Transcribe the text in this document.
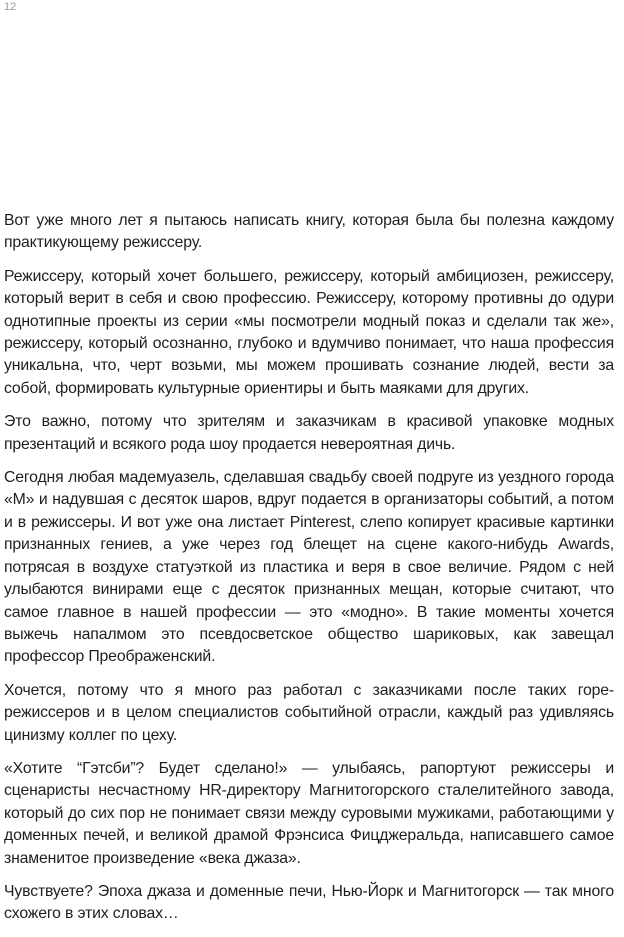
12

Вот уже много лет я пытаюсь написать книгу, которая была бы полезна каждому практикующему режиссеру.

Режиссеру, который хочет большего, режиссеру, который амбициозен, режиссеру, который верит в себя и свою профессию. Режиссеру, которому противны до одури однотипные проекты из серии «мы посмотрели модный показ и сделали так же», режиссеру, который осознанно, глубоко и вдумчиво понимает, что наша профессия уникальна, что, черт возьми, мы можем прошивать сознание людей, вести за собой, формировать культурные ориентиры и быть маяками для других.

Это важно, потому что зрителям и заказчикам в красивой упаковке модных презентаций и всякого рода шоу продается невероятная дичь.

Сегодня любая мадемуазель, сделавшая свадьбу своей подруге из уездного города «М» и надувшая с десяток шаров, вдруг подается в организаторы событий, а потом и в режиссеры. И вот уже она листает Pinterest, слепо копирует красивые картинки признанных гениев, а уже через год блещет на сцене какого-нибудь Awards, потрясая в воздухе статуэткой из пластика и веря в свое величие. Рядом с ней улыбаются винирами еще с десяток признанных мещан, которые считают, что самое главное в нашей профессии — это «модно». В такие моменты хочется выжечь напалмом это псевдосветское общество шариковых, как завещал профессор Преображенский.

Хочется, потому что я много раз работал с заказчиками после таких горе-режиссеров и в целом специалистов событийной отрасли, каждый раз удивляясь цинизму коллег по цеху.

«Хотите “Гэтсби”? Будет сделано!» — улыбаясь, рапортуют режиссеры и сценаристы несчастному HR-директору Магнитогорского сталелитейного завода, который до сих пор не понимает связи между суровыми мужиками, работающими у доменных печей, и великой драмой Фрэнсиса Фицджеральда, написавшего самое знаменитое произведение «века джаза».

Чувствуете? Эпоха джаза и доменные печи, Нью-Йорк и Магнитогорск — так много схожего в этих словах…
